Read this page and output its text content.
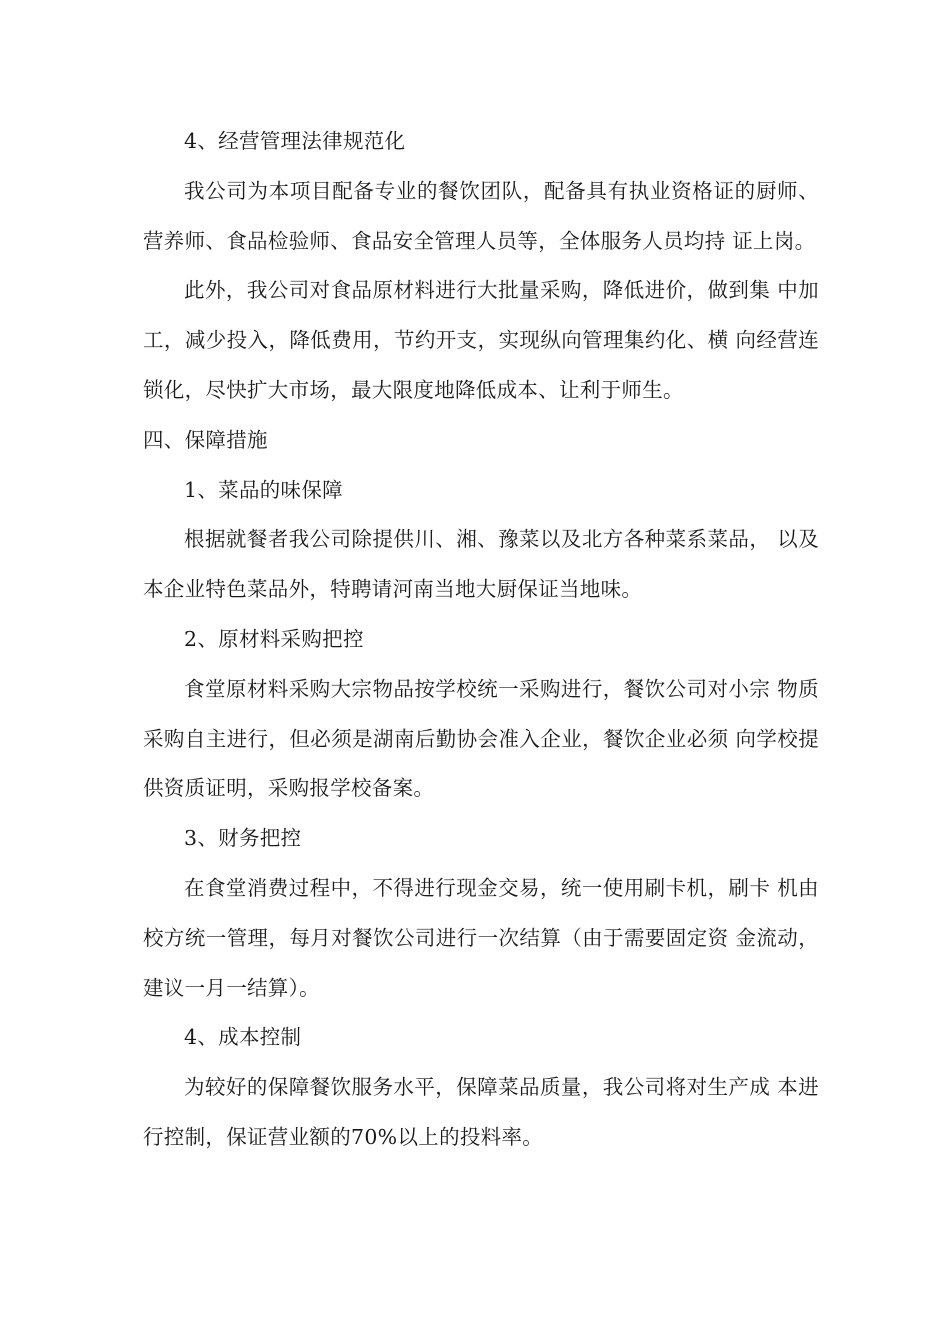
4、经营管理法律规范化

我公司为本项目配备专业的餐饮团队，配备具有执业资格证的厨师、营养师、食品检验师、食品安全管理人员等，全体服务人员均持 证上岗。

此外，我公司对食品原材料进行大批量采购，降低进价，做到集 中加工，减少投入，降低费用，节约开支，实现纵向管理集约化、横 向经营连锁化，尽快扩大市场，最大限度地降低成本、让利于师生。

四、保障措施

1、菜品的味保障

根据就餐者我公司除提供川、湘、豫菜以及北方各种菜系菜品， 以及本企业特色菜品外，特聘请河南当地大厨保证当地味。

2、原材料采购把控

食堂原材料采购大宗物品按学校统一采购进行，餐饮公司对小宗 物质采购自主进行，但必须是湖南后勤协会准入企业，餐饮企业必须 向学校提供资质证明，采购报学校备案。

3、财务把控

在食堂消费过程中，不得进行现金交易，统一使用刷卡机，刷卡 机由校方统一管理，每月对餐饮公司进行一次结算（由于需要固定资 金流动，建议一月一结算）。

4、成本控制

为较好的保障餐饮服务水平，保障菜品质量，我公司将对生产成 本进行控制，保证营业额的70%以上的投料率。
